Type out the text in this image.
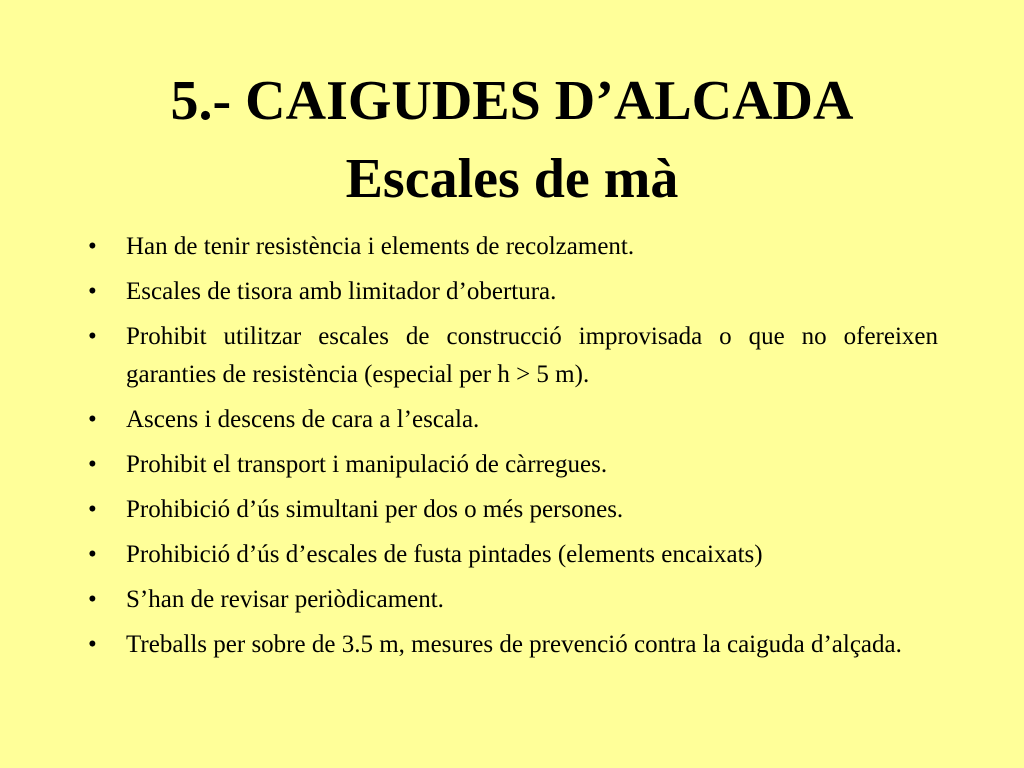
5.- CAIGUDES D’ALCADA
Escales de mà
•	Han de tenir resistència i elements de recolzament.
•	Escales de tisora amb limitador d’obertura.
•	Prohibit utilitzar escales de construcció improvisada o que no ofereixen garanties de resistència (especial per h > 5 m).
•	Ascens i descens de cara a l’escala.
•	Prohibit el transport i manipulació de càrregues.
•	Prohibició d’ús simultani per dos o més persones.
•	Prohibició d’ús d’escales de fusta pintades (elements encaixats)
•	S’han de revisar periòdicament.
•	Treballs per sobre de 3.5 m, mesures de prevenció contra la caiguda d’alçada.
